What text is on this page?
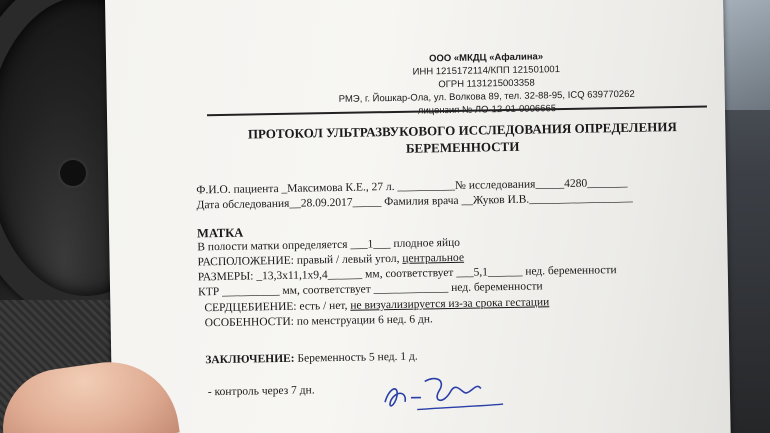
ООО «МКДЦ «Афалина»
ИНН 1215172114/КПП 121501001
ОГРН 1131215003358
РМЭ, г. Йошкар-Ола, ул. Волкова 89, тел. 32-88-95, ICQ 639770262
ПРОТОКОЛ УЛЬТРАЗВУКОВОГО ИССЛЕДОВАНИЯ ОПРЕДЕЛЕНИЯ
БЕРЕМЕННОСТИ
Ф.И.О. пациента _Максимова К.Е., 27 л. __________№ исследования_____4280_______
Дата обследования__28.09.2017_____ Фамилия врача __Жуков И.В.__________________
МАТКА
В полости матки определяется ___1___ плодное яйцо
РАСПОЛОЖЕНИЕ: правый / левый угол, центральное
РАЗМЕРЫ: _13,3х11,1х9,4______ мм, соответствует ___5,1______ нед. беременности
КТР __________ мм, соответствует _____________ нед. беременности
СЕРДЦЕБИЕНИЕ: есть / нет, не визуализируется из-за срока гестации
ОСОБЕННОСТИ: по менструации 6 нед. 6 дн.
ЗАКЛЮЧЕНИЕ: Беременность 5 нед. 1 д.
- контроль через 7 дн.
